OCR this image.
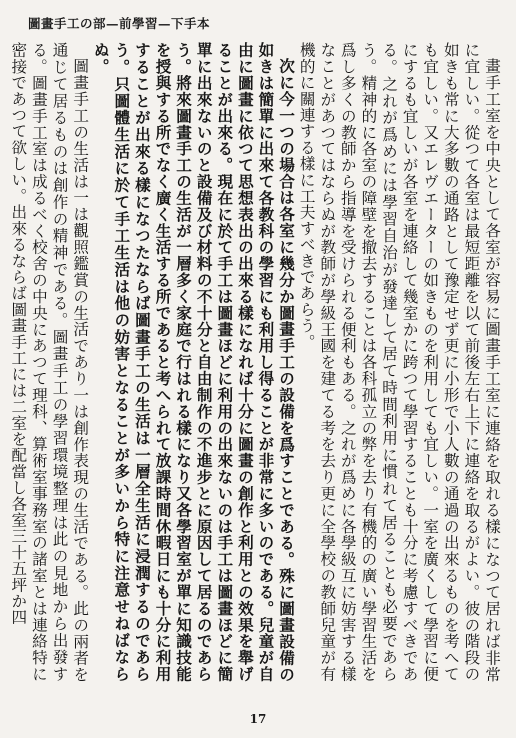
圖畫手工の部—前學習—下手本

畫手工室を中央として各室が容易に圖畫手工室に連絡を取れる樣になつて居れば非常に宜しい。從つて各室は最短距離を以て前後左右上下に連絡を取るがよい。彼の階段の如きも常に大多數の通路として豫定せず更に小形で小人數の通過の出來るものを考へても宜しい。又エレヴエーターの如きものを利用しても宜しい。一室を廣くして學習に便にするも宜しいが各室を連絡して幾室かに跨つて學習することも十分に考慮すべきである。之れが爲めには學習自治が發達して居て時間利用に慣れて居ることも必要であらう。精神的に各室の障壁を撤去することは各科孤立の弊を去り有機的の廣い學習生活を爲し多くの教師から指導を受けられる便利もある。之れが爲めに各學級互に妨害する樣なことがあつてはならぬが教師が學級王國を建てる考を去り更に全學校の教師兒童が有機的に關連する樣に工夫すべきであらう。

次に今一つの場合は各室に幾分か圖畫手工の設備を爲すことである。殊に圖畫設備の如きは簡單に出來て各教科の學習にも利用し得ることが非常に多いのである。兒童が自由に圖畫に依つて思想表出の出來る樣になれば十分に圖畫の創作と利用との效果を舉げることが出來る。現在に於て手工は圖畫ほどに利用の出來ないのは手工は圖畫ほどに簡單に出來ないのと設備及び材料の不十分と自由制作の不進步とに原因して居るのであらう。將來圖畫手工の生活が一層多く家庭で行はれる樣になり又各學習室が單に知識技能を授與する所でなく廣く生活する所であると考へられて放課時間休暇日にも十分に利用することが出來る樣になつたならば圖畫手工の生活は一層全生活に浸潤するのであらう。只圖體生活に於て手工生活は他の妨害となることが多いから特に注意せねばならぬ。

圖畫手工の生活は一は觀照鑑賞の生活であり一は創作表現の生活である。此の兩者を通じて居るものは創作の精神である。圖畫手工の學習環境整理は此の見地から出發する。圖畫手工室は成るべく校舍の中央にあつて理科、算術室事務室の諸室とは連絡特に密接であつて欲しい。出來るならば圖畫手工には二室を配當し各室三十五坪か四

17
